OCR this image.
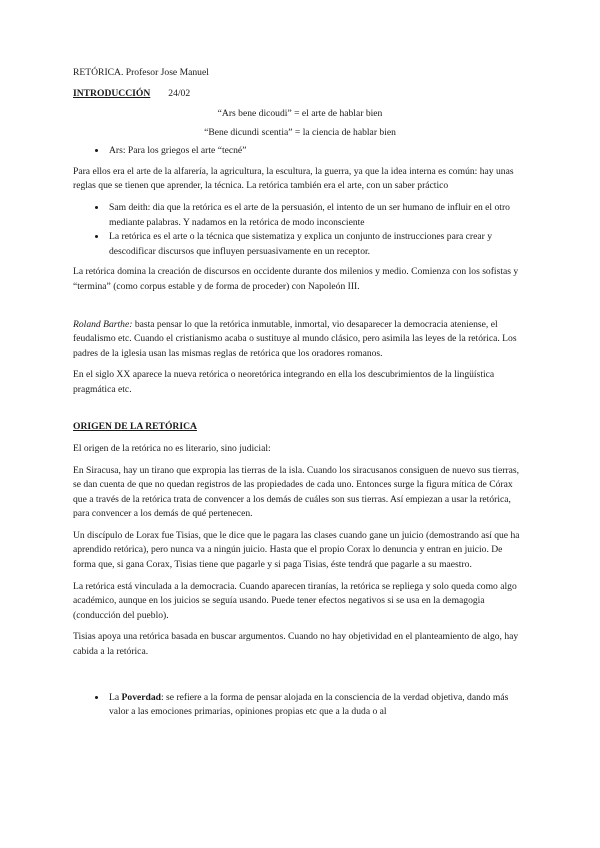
RETÓRICA. Profesor Jose Manuel

INTRODUCCIÓN 24/02

“Ars bene dicoudi” = el arte de hablar bien

“Bene dicundi scentia” = la ciencia de hablar bien

• Ars: Para los griegos el arte “tecné”

Para ellos era el arte de la alfarería, la agricultura, la escultura, la guerra, ya que la idea interna es común: hay unas reglas que se tienen que aprender, la técnica. La retórica también era el arte, con un saber práctico

• Sam deith: dia que la retórica es el arte de la persuasión, el intento de un ser humano de influir en el otro mediante palabras. Y nadamos en la retórica de modo inconsciente
• La retórica es el arte o la técnica que sistematiza y explica un conjunto de instrucciones para crear y descodificar discursos que influyen persuasivamente en un receptor.

La retórica domina la creación de discursos en occidente durante dos milenios y medio. Comienza con los sofistas y “termina” (como corpus estable y de forma de proceder) con Napoleón III.

Roland Barthe: basta pensar lo que la retórica inmutable, inmortal, vio desaparecer la democracia ateniense, el feudalismo etc. Cuando el cristianismo acaba o sustituye al mundo clásico, pero asimila las leyes de la retórica. Los padres de la iglesia usan las mismas reglas de retórica que los oradores romanos.

En el siglo XX aparece la nueva retórica o neoretórica integrando en ella los descubrimientos de la lingüística pragmática etc.

ORIGEN DE LA RETÓRICA

El origen de la retórica no es literario, sino judicial:

En Siracusa, hay un tirano que expropia las tierras de la isla. Cuando los siracusanos consiguen de nuevo sus tierras, se dan cuenta de que no quedan registros de las propiedades de cada uno. Entonces surge la figura mítica de Córax que a través de la retórica trata de convencer a los demás de cuáles son sus tierras. Así empiezan a usar la retórica, para convencer a los demás de qué pertenecen.

Un discípulo de Lorax fue Tisias, que le dice que le pagara las clases cuando gane un juicio (demostrando así que ha aprendido retórica), pero nunca va a ningún juicio. Hasta que el propio Corax lo denuncia y entran en juicio. De forma que, si gana Corax, Tisias tiene que pagarle y si paga Tisias, éste tendrá que pagarle a su maestro.

La retórica está vinculada a la democracia. Cuando aparecen tiranías, la retórica se repliega y solo queda como algo académico, aunque en los juicios se seguía usando. Puede tener efectos negativos si se usa en la demagogia (conducción del pueblo).

Tisias apoya una retórica basada en buscar argumentos. Cuando no hay objetividad en el planteamiento de algo, hay cabida a la retórica.

• La Poverdad: se refiere a la forma de pensar alojada en la consciencia de la verdad objetiva, dando más valor a las emociones primarias, opiniones propias etc que a la duda o al
